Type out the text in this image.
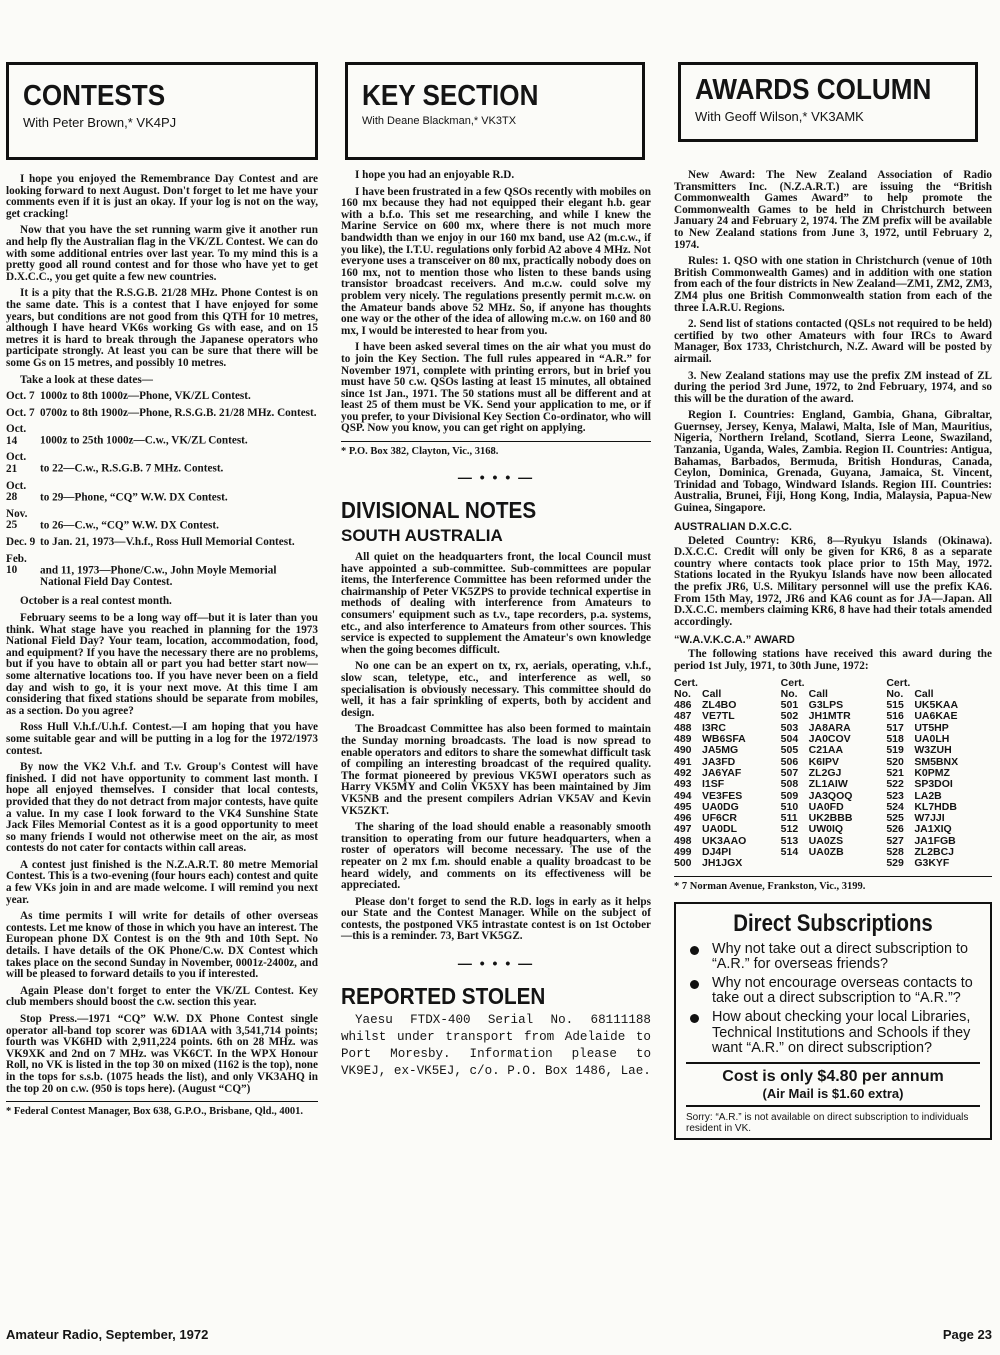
CONTESTS
With Peter Brown,* VK4PJ

I hope you enjoyed the Remembrance Day Contest and are looking forward to next August. Don't forget to let me have your comments even if it is just an okay. If your log is not on the way, get cracking!

Now that you have the set running warm give it another run and help fly the Australian flag in the VK/ZL Contest. We can do with some additional entries over last year. To my mind this is a pretty good all round contest and for those who have yet to get D.X.C.C., you get quite a few new countries.

It is a pity that the R.S.G.B. 21/28 MHz. Phone Contest is on the same date. This is a contest that I have enjoyed for some years, but conditions are not good from this QTH for 10 metres, although I have heard VK6s working Gs with ease, and on 15 metres it is hard to break through the Japanese operators who participate strongly. At least you can be sure that there will be some Gs on 15 metres, and possibly 10 metres.

Take a look at these dates—

Oct. 7 1000z to 8th 1000z—Phone, VK/ZL Contest.
Oct. 7 0700z to 8th 1900z—Phone, R.S.G.B. 21/28 MHz. Contest.
Oct. 14 1000z to 25th 1000z—C.w., VK/ZL Contest.
Oct. 21 to 22—C.w., R.S.G.B. 7 MHz. Contest.
Oct. 28 to 29—Phone, “CQ” W.W. DX Contest.
Nov. 25 to 26—C.w., “CQ” W.W. DX Contest.
Dec. 9 to Jan. 21, 1973—V.h.f., Ross Hull Memorial Contest.
Feb. 10 and 11, 1973—Phone/C.w., John Moyle Memorial National Field Day Contest.

October is a real contest month.

February seems to be a long way off—but it is later than you think. What stage have you reached in planning for the 1973 National Field Day? Your team, location, accommodation, food, and equipment? If you have the necessary there are no problems, but if you have to obtain all or part you had better start now—some alternative locations too. If you have never been on a field day and wish to go, it is your next move. At this time I am considering that fixed stations should be separate from mobiles, as a section. Do you agree?

Ross Hull V.h.f./U.h.f. Contest.—I am hoping that you have some suitable gear and will be putting in a log for the 1972/1973 contest.

By now the VK2 V.h.f. and T.v. Group's Contest will have finished. I did not have opportunity to comment last month. I hope all enjoyed themselves. I consider that local contests, provided that they do not detract from major contests, have quite a value. In my case I look forward to the VK4 Sunshine State Jack Files Memorial Contest as it is a good opportunity to meet so many friends I would not otherwise meet on the air, as most contests do not cater for contacts within call areas.

A contest just finished is the N.Z.A.R.T. 80 metre Memorial Contest. This is a two-evening (four hours each) contest and quite a few VKs join in and are made welcome. I will remind you next year.

As time permits I will write for details of other overseas contests. Let me know of those in which you have an interest. The European phone DX Contest is on the 9th and 10th Sept. No details. I have details of the OK Phone/C.w. DX Contest which takes place on the second Sunday in November, 0001z-2400z, and will be pleased to forward details to you if interested.

Again Please don't forget to enter the VK/ZL Contest. Key club members should boost the c.w. section this year.

Stop Press.—1971 “CQ” W.W. DX Phone Contest single operator all-band top scorer was 6D1AA with 3,541,714 points; fourth was VK6HD with 2,911,224 points. 6th on 28 MHz. was VK9XK and 2nd on 7 MHz. was VK6CT. In the WPX Honour Roll, no VK is listed in the top 30 on mixed (1162 is the top), none in the tops for s.s.b. (1075 heads the list), and only VK3AHQ in the top 20 on c.w. (950 is tops here). (August “CQ”)

* Federal Contest Manager, Box 638, G.P.O., Brisbane, Qld., 4001.
KEY SECTION
With Deane Blackman,* VK3TX

I hope you had an enjoyable R.D.

I have been frustrated in a few QSOs recently with mobiles on 160 mx because they had not equipped their elegant h.b. gear with a b.f.o. This set me researching, and while I knew the Marine Service on 600 mx, where there is not much more bandwidth than we enjoy in our 160 mx band, use A2 (m.c.w., if you like), the I.T.U. regulations only forbid A2 above 4 MHz. Not everyone uses a transceiver on 80 mx, practically nobody does on 160 mx, not to mention those who listen to these bands using transistor broadcast receivers. And m.c.w. could solve my problem very nicely. The regulations presently permit m.c.w. on the Amateur bands above 52 MHz. So, if anyone has thoughts one way or the other of the idea of allowing m.c.w. on 160 and 80 mx, I would be interested to hear from you.

I have been asked several times on the air what you must do to join the Key Section. The full rules appeared in “A.R.” for November 1971, complete with printing errors, but in brief you must have 50 c.w. QSOs lasting at least 15 minutes, all obtained since 1st Jan., 1971. The 50 stations must all be different and at least 25 of them must be VK. Send your application to me, or if you prefer, to your Divisional Key Section Co-ordinator, who will QSP. Now you know, you can get right on applying.

* P.O. Box 382, Clayton, Vic., 3168.
— • • • —
DIVISIONAL NOTES
SOUTH AUSTRALIA

All quiet on the headquarters front, the local Council must have appointed a sub-committee. Sub-committees are popular items, the Interference Committee has been reformed under the chairmanship of Peter VK5ZPS to provide technical expertise in methods of dealing with interference from Amateurs to consumers' equipment such as t.v., tape recorders, p.a. systems, etc., and also interference to Amateurs from other sources. This service is expected to supplement the Amateur's own knowledge when the going becomes difficult.

No one can be an expert on tx, rx, aerials, operating, v.h.f., slow scan, teletype, etc., and interference as well, so specialisation is obviously necessary. This committee should do well, it has a fair sprinkling of experts, both by accident and design.

The Broadcast Committee has also been formed to maintain the Sunday morning broadcasts. The load is now spread to enable operators and editors to share the somewhat difficult task of compiling an interesting broadcast of the required quality. The format pioneered by previous VK5WI operators such as Harry VK5MY and Colin VK5XY has been maintained by Jim VK5NB and the present compilers Adrian VK5AV and Kevin VK5ZKT.

The sharing of the load should enable a reasonably smooth transition to operating from our future headquarters, when a roster of operators will become necessary. The use of the repeater on 2 mx f.m. should enable a quality broadcast to be heard widely, and comments on its effectiveness will be appreciated.

Please don't forget to send the R.D. logs in early as it helps our State and the Contest Manager. While on the subject of contests, the postponed VK5 intrastate contest is on 1st October—this is a reminder. 73, Bart VK5GZ.

— • • • —
REPORTED STOLEN

Yaesu FTDX-400 Serial No. 68111188 whilst under transport from Adelaide to Port Moresby. Information please to VK9EJ, ex-VK5EJ, c/o. P.O. Box 1486, Lae.

AWARDS COLUMN
With Geoff Wilson,* VK3AMK

New Award: The New Zealand Association of Radio Transmitters Inc. (N.Z.A.R.T.) are issuing the “British Commonwealth Games Award” to help promote the Commonwealth Games to be held in Christchurch between January 24 and February 2, 1974. The ZM prefix will be available to New Zealand stations from June 3, 1972, until February 2, 1974.

Rules: 1. QSO with one station in Christchurch (venue of 10th British Commonwealth Games) and in addition with one station from each of the four districts in New Zealand—ZM1, ZM2, ZM3, ZM4 plus one British Commonwealth station from each of the three I.A.R.U. Regions.

2. Send list of stations contacted (QSLs not required to be held) certified by two other Amateurs with four IRCs to Award Manager, Box 1733, Christchurch, N.Z. Award will be posted by airmail.

3. New Zealand stations may use the prefix ZM instead of ZL during the period 3rd June, 1972, to 2nd February, 1974, and so this will be the duration of the award.

Region I. Countries: England, Gambia, Ghana, Gibraltar, Guernsey, Jersey, Kenya, Malawi, Malta, Isle of Man, Mauritius, Nigeria, Northern Ireland, Scotland, Sierra Leone, Swaziland, Tanzania, Uganda, Wales, Zambia. Region II. Countries: Antigua, Bahamas, Barbados, Bermuda, British Honduras, Canada, Ceylon, Dominica, Grenada, Guyana, Jamaica, St. Vincent, Trinidad and Tobago, Windward Islands. Region III. Countries: Australia, Brunei, Fiji, Hong Kong, India, Malaysia, Papua-New Guinea, Singapore.

AUSTRALIAN D.X.C.C.

Deleted Country: KR6, 8—Ryukyu Islands (Okinawa). D.X.C.C. Credit will only be given for KR6, 8 as a separate country where contacts took place prior to 15th May, 1972. Stations located in the Ryukyu Islands have now been allocated the prefix JR6, U.S. Military personnel will use the prefix KA6. From 15th May, 1972, JR6 and KA6 count as for JA—Japan. All D.X.C.C. members claiming KR6, 8 have had their totals amended accordingly.

“W.A.V.K.C.A.” AWARD

The following stations have received this award during the period 1st July, 1971, to 30th June, 1972:

Cert.		Cert.		Cert.	
No.	Call	No.	Call	No.	Call
486	ZL4BO	501	G3LPS	515	UK5KAA
487	VE7TL	502	JH1MTR	516	UA6KAE
488	I3RC	503	JA8ARA	517	UT5HP
489	WB6SFA	504	JA0COV	518	UA0LH
490	JA5MG	505	C21AA	519	W3ZUH
491	JA3FD	506	K6IPV	520	SM5BNX
492	JA6YAF	507	ZL2GJ	521	K0PMZ
493	I1SF	508	ZL1AIW	522	SP3DOI
494	VE3FES	509	JA3QOQ	523	LA2B
495	UA0DG	510	UA0FD	524	KL7HDB
496	UF6CR	511	UK2BBB	525	W7JJI
497	UA0DL	512	UW0IQ	526	JA1XIQ
498	UK3AAO	513	UA0ZS	527	JA1FGB
499	DJ4PI	514	UA0ZB	528	ZL2BCJ
500	JH1JGX			529	G3KYF
* 7 Norman Avenue, Frankston, Vic., 3199.
Direct Subscriptions
Why not take out a direct subscription to “A.R.” for overseas friends?
Why not encourage overseas contacts to take out a direct subscription to “A.R.”?
How about checking your local Libraries, Technical Institutions and Schools if they want “A.R.” on direct subscription?
Cost is only $4.80 per annum
(Air Mail is $1.60 extra)
Sorry: “A.R.” is not available on direct subscription to individuals resident in VK.
Amateur Radio, September, 1972	Page 23
